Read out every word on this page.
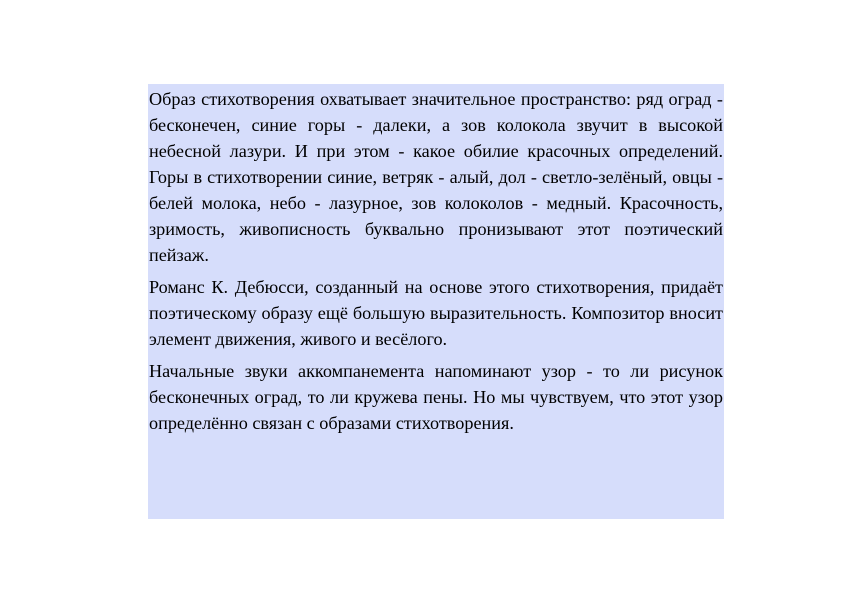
Образ стихотворения охватывает значительное пространство: ряд оград - бесконечен, синие горы - далеки, а зов колокола звучит в высокой небесной лазури. И при этом - какое обилие красочных определений. Горы в стихотворении синие, ветряк - алый, дол - светло-зелёный, овцы - белей молока, небо - лазурное, зов колоколов - медный. Красочность, зримость, живописность буквально пронизывают этот поэтический пейзаж.

Романс К. Дебюсси, созданный на основе этого стихотворения, придаёт поэтическому образу ещё большую выразительность. Композитор вносит элемент движения, живого и весёлого.

Начальные звуки аккомпанемента напоминают узор - то ли рисунок бесконечных оград, то ли кружева пены. Но мы чувствуем, что этот узор определённо связан с образами стихотворения.
